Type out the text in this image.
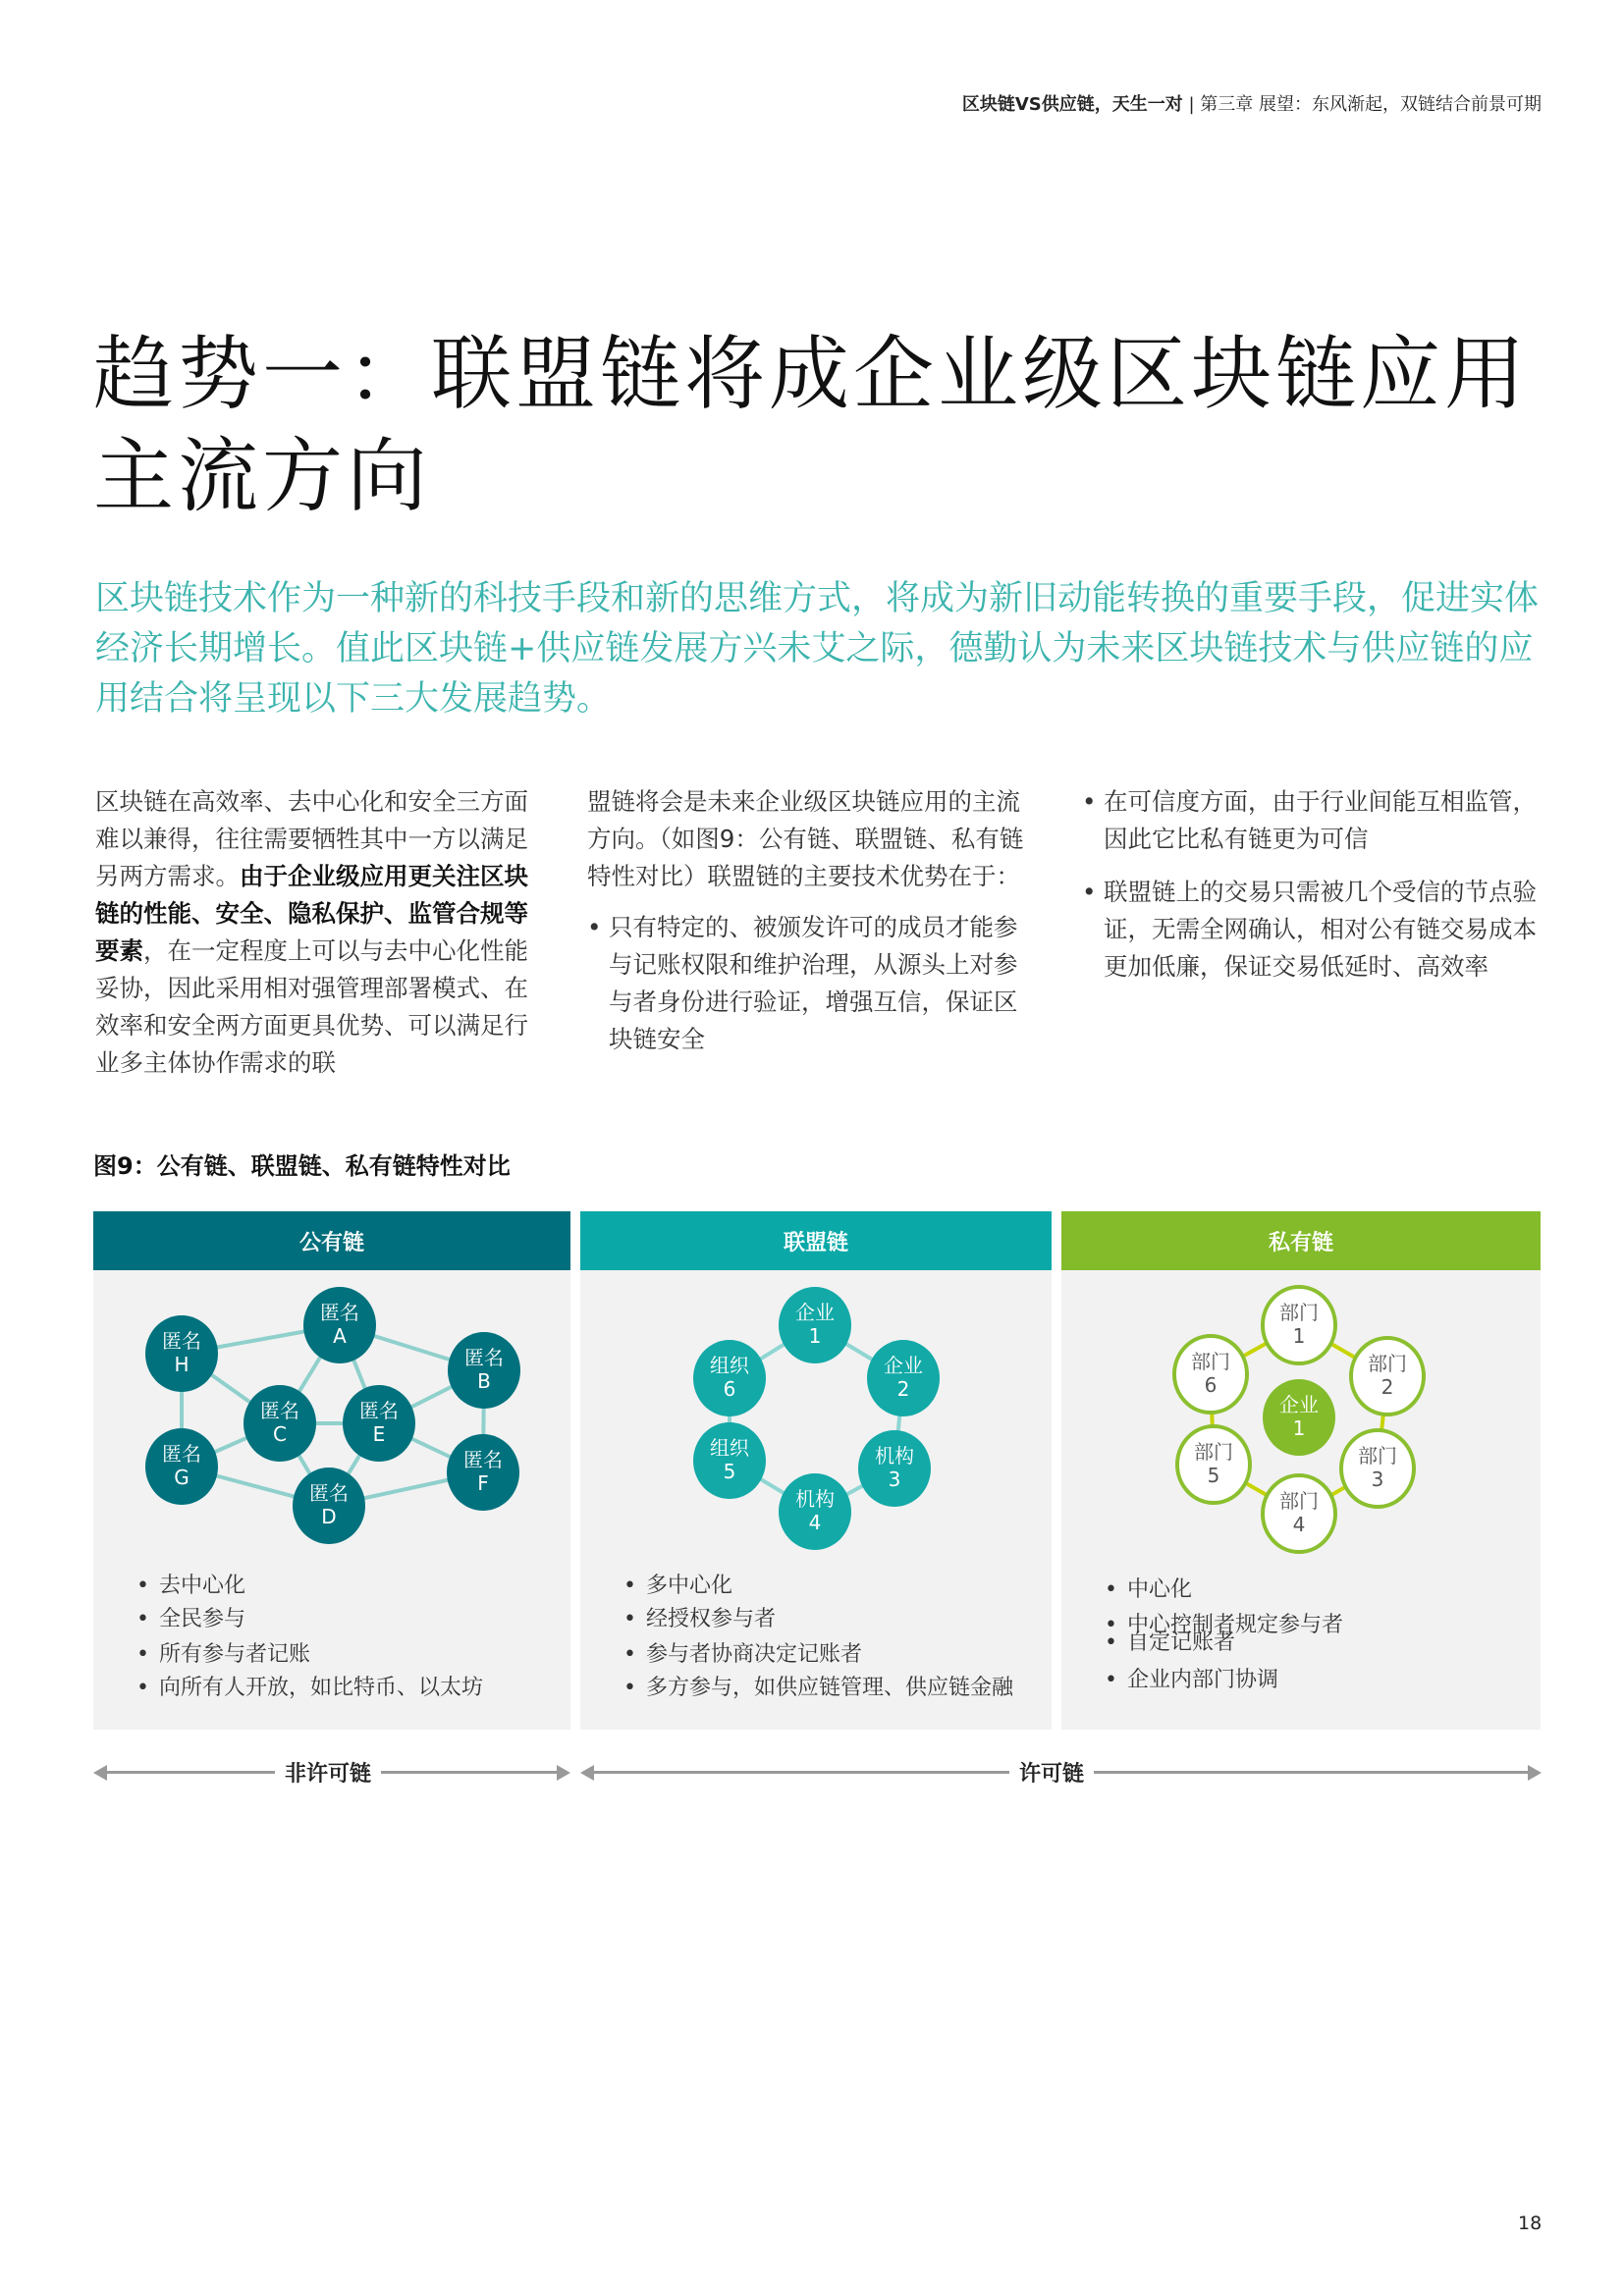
区块链VS供应链，天生一对 | 第三章 展望：东风渐起，双链结合前景可期
趋势一：联盟链将成企业级区块链应用主流方向
区块链技术作为一种新的科技手段和新的思维方式，将成为新旧动能转换的重要手段，促进实体经济长期增长。值此区块链+供应链发展方兴未艾之际，德勤认为未来区块链技术与供应链的应用结合将呈现以下三大发展趋势。

区块链在高效率、去中心化和安全三方面难以兼得，往往需要牺牲其中一方以满足另两方需求。由于企业级应用更关注区块链的性能、安全、隐私保护、监管合规等要素，在一定程度上可以与去中心化性能妥协，因此采用相对强管理部署模式、在效率和安全两方面更具优势、可以满足行业多主体协作需求的联

盟链将会是未来企业级区块链应用的主流方向。（如图9：公有链、联盟链、私有链特性对比）联盟链的主要技术优势在于：

• 只有特定的、被颁发许可的成员才能参与记账权限和维护治理，从源头上对参与者身份进行验证，增强互信，保证区块链安全
• 在可信度方面，由于行业间能互相监管，因此它比私有链更为可信
• 联盟链上的交易只需被几个受信的节点验证，无需全网确认，相对公有链交易成本更加低廉，保证交易低延时、高效率
图9：公有链、联盟链、私有链特性对比
公有链
匿名
A
匿名
H	匿名
B
匿名
C
匿名
E
匿名
G
匿名
F
匿名
D
• 去中心化
• 全民参与
• 所有参与者记账
• 向所有人开放，如比特币、以太坊
联盟链
企业
1
企业
2
机构
3
机构
4
组织
5
组织
6
• 多中心化
• 经授权参与者
• 参与者协商决定记账者
• 多方参与，如供应链管理、供应链金融
私有链
部门
1
部门
2
部门
3
部门
4
部门
5
部门
6
企业
1
• 中心化
• 中心控制者规定参与者
• 自定记账者
• 企业内部门协调
非许可链	许可链
18
